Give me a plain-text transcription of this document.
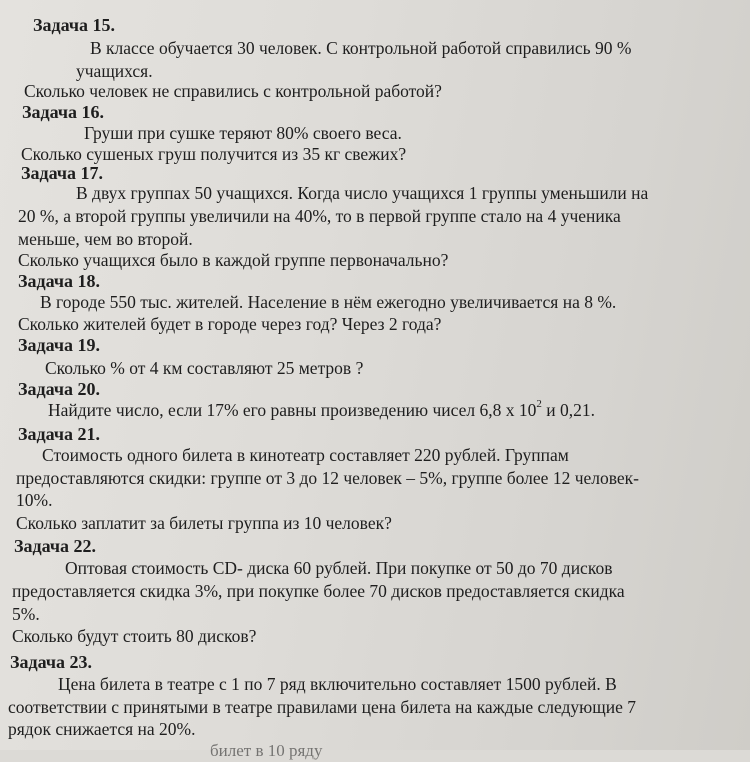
Задача 15.
В классе обучается 30 человек. С контрольной работой справились 90 %
учащихся.
Сколько человек не справились с контрольной работой?
Задача 16.
Груши при сушке теряют 80% своего веса.
Сколько сушеных груш получится из 35 кг свежих?
Задача 17.
В двух группах 50 учащихся. Когда число учащихся 1 группы уменьшили на
20 %, а второй группы увеличили на 40%, то в первой группе стало на 4 ученика
меньше, чем во второй.
Сколько учащихся было в каждой группе первоначально?
Задача 18.
В городе 550 тыс. жителей. Население в нём ежегодно увеличивается на 8 %.
Сколько жителей будет в городе через год? Через 2 года?
Задача 19.
Сколько % от 4 км составляют 25 метров ?
Задача 20.
Найдите число, если 17% его равны произведению чисел 6,8 х $10^2$ и 0,21.
Задача 21.
Стоимость одного билета в кинотеатр составляет 220 рублей. Группам
предоставляются скидки: группе от 3 до 12 человек – 5%, группе более 12 человек-
10%.
Сколько заплатит за билеты группа из 10 человек?
Задача 22.
Оптовая стоимость CD- диска 60 рублей. При покупке от 50 до 70 дисков
предоставляется скидка 3%, при покупке более 70 дисков предоставляется скидка
5%.
Сколько будут стоить 80 дисков?
Задача 23.
Цена билета в театре с 1 по 7 ряд включительно составляет 1500 рублей. В
соответствии с принятыми в театре правилами цена билета на каждые следующие 7
рядок снижается на 20%.
билет в 10 ряду
